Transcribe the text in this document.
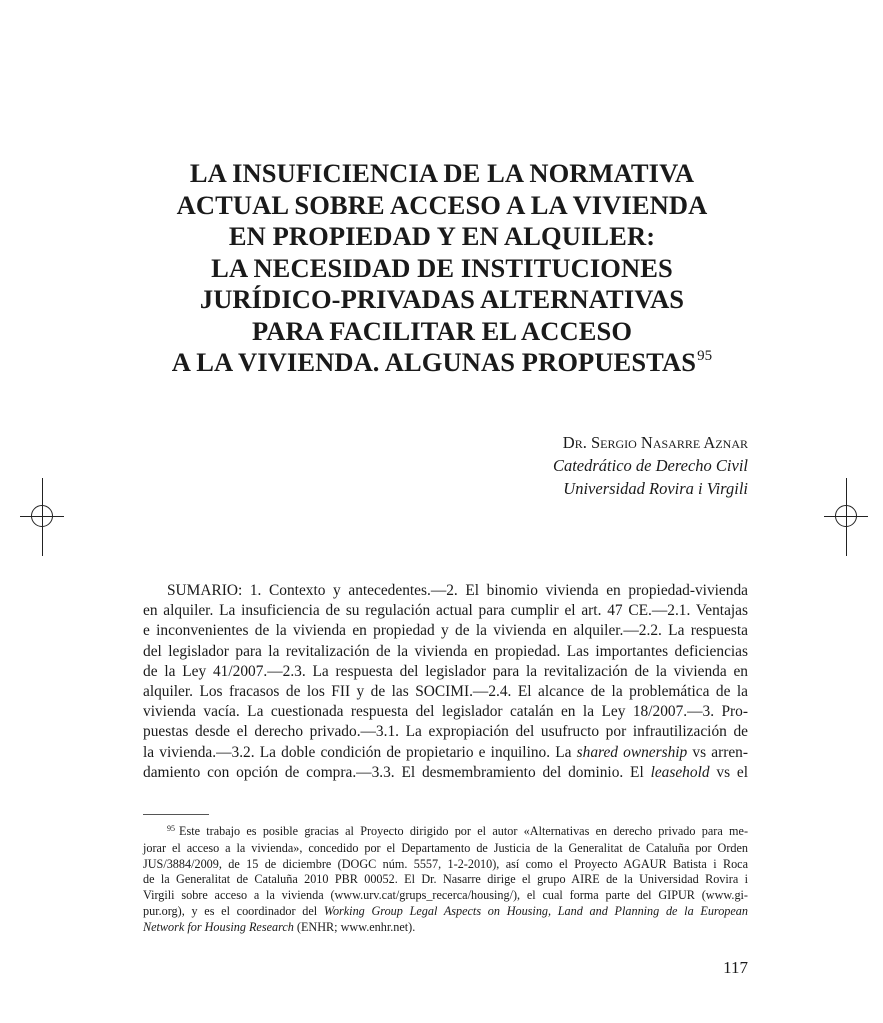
LA INSUFICIENCIA DE LA NORMATIVA
ACTUAL SOBRE ACCESO A LA VIVIENDA
EN PROPIEDAD Y EN ALQUILER:
LA NECESIDAD DE INSTITUCIONES
JURÍDICO-PRIVADAS ALTERNATIVAS
PARA FACILITAR EL ACCESO
A LA VIVIENDA. ALGUNAS PROPUESTAS$^{95}$
Dr. Sergio Nasarre Aznar
Catedrático de Derecho Civil
Universidad Rovira i Virgili
SUMARIO: 1. Contexto y antecedentes.—2. El binomio vivienda en propiedad-vivienda
en alquiler. La insuficiencia de su regulación actual para cumplir el art. 47 CE.—2.1. Ventajas
e inconvenientes de la vivienda en propiedad y de la vivienda en alquiler.—2.2. La respuesta
del legislador para la revitalización de la vivienda en propiedad. Las importantes deficiencias
de la Ley 41/2007.—2.3. La respuesta del legislador para la revitalización de la vivienda en
alquiler. Los fracasos de los FII y de las SOCIMI.—2.4. El alcance de la problemática de la
vivienda vacía. La cuestionada respuesta del legislador catalán en la Ley 18/2007.—3. Pro-
puestas desde el derecho privado.—3.1. La expropiación del usufructo por infrautilización de
la vivienda.—3.2. La doble condición de propietario e inquilino. La shared ownership vs arren-
damiento con opción de compra.—3.3. El desmembramiento del dominio. El leasehold vs el
$^{95}$ Este trabajo es posible gracias al Proyecto dirigido por el autor «Alternativas en derecho privado para me-
jorar el acceso a la vivienda», concedido por el Departamento de Justicia de la Generalitat de Cataluña por Orden
JUS/3884/2009, de 15 de diciembre (DOGC núm. 5557, 1-2-2010), así como el Proyecto AGAUR Batista i Roca
de la Generalitat de Cataluña 2010 PBR 00052. El Dr. Nasarre dirige el grupo AIRE de la Universidad Rovira i
Virgili sobre acceso a la vivienda (www.urv.cat/grups_recerca/housing/), el cual forma parte del GIPUR (www.gi-
pur.org), y es el coordinador del Working Group Legal Aspects on Housing, Land and Planning de la European
Network for Housing Research (ENHR; www.enhr.net).
117
